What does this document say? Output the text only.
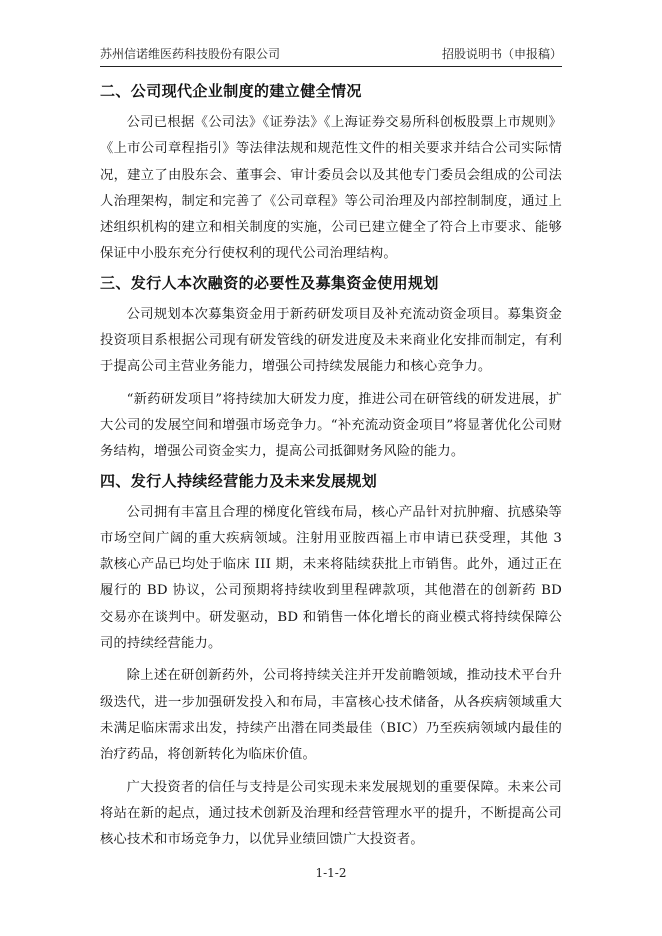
苏州信诺维医药科技股份有限公司	招股说明书（申报稿）
二、公司现代企业制度的建立健全情况

公司已根据《公司法》《证券法》《上海证券交易所科创板股票上市规则》《上市公司章程指引》等法律法规和规范性文件的相关要求并结合公司实际情况，建立了由股东会、董事会、审计委员会以及其他专门委员会组成的公司法人治理架构，制定和完善了《公司章程》等公司治理及内部控制制度，通过上述组织机构的建立和相关制度的实施，公司已建立健全了符合上市要求、能够保证中小股东充分行使权利的现代公司治理结构。

三、发行人本次融资的必要性及募集资金使用规划

公司规划本次募集资金用于新药研发项目及补充流动资金项目。募集资金投资项目系根据公司现有研发管线的研发进度及未来商业化安排而制定，有利于提高公司主营业务能力，增强公司持续发展能力和核心竞争力。

“新药研发项目”将持续加大研发力度，推进公司在研管线的研发进展，扩大公司的发展空间和增强市场竞争力。“补充流动资金项目”将显著优化公司财务结构，增强公司资金实力，提高公司抵御财务风险的能力。

四、发行人持续经营能力及未来发展规划

公司拥有丰富且合理的梯度化管线布局，核心产品针对抗肿瘤、抗感染等市场空间广阔的重大疾病领域。注射用亚胺西福上市申请已获受理，其他 3 款核心产品已均处于临床 III 期，未来将陆续获批上市销售。此外，通过正在履行的 BD 协议，公司预期将持续收到里程碑款项，其他潜在的创新药 BD 交易亦在谈判中。研发驱动，BD 和销售一体化增长的商业模式将持续保障公司的持续经营能力。

除上述在研创新药外，公司将持续关注并开发前瞻领域，推动技术平台升级迭代，进一步加强研发投入和布局，丰富核心技术储备，从各疾病领域重大未满足临床需求出发，持续产出潜在同类最佳（BIC）乃至疾病领域内最佳的治疗药品，将创新转化为临床价值。

广大投资者的信任与支持是公司实现未来发展规划的重要保障。未来公司将站在新的起点，通过技术创新及治理和经营管理水平的提升，不断提高公司核心技术和市场竞争力，以优异业绩回馈广大投资者。

1-1-2
